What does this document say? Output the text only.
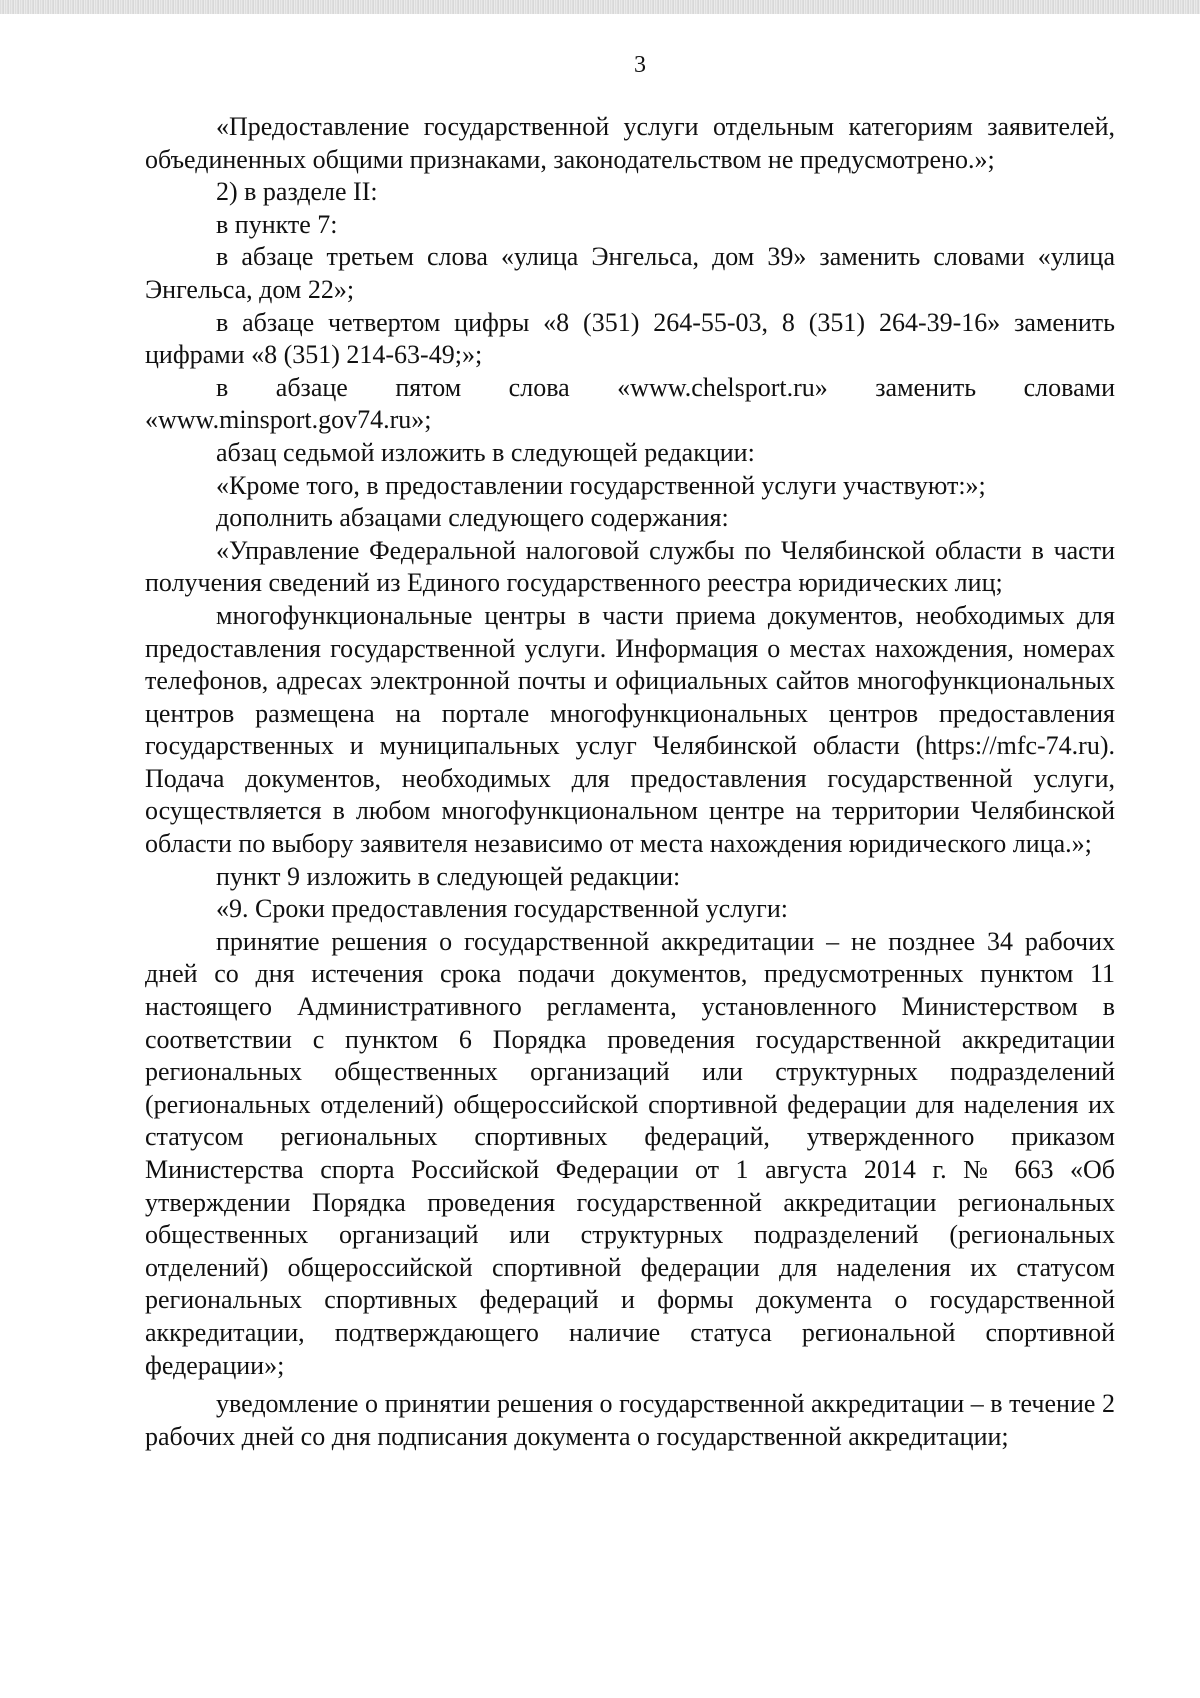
3

«Предоставление государственной услуги отдельным категориям заявителей, объединенных общими признаками, законодательством не предусмотрено.»;

2) в разделе II:

в пункте 7:

в абзаце третьем слова «улица Энгельса, дом 39» заменить словами «улица Энгельса, дом 22»;

в абзаце четвертом цифры «8 (351) 264-55-03, 8 (351) 264-39-16» заменить цифрами «8 (351) 214-63-49;»;

в абзаце пятом слова «www.chelsport.ru» заменить словами «www.minsport.gov74.ru»;

абзац седьмой изложить в следующей редакции:

«Кроме того, в предоставлении государственной услуги участвуют:»;

дополнить абзацами следующего содержания:

«Управление Федеральной налоговой службы по Челябинской области в части получения сведений из Единого государственного реестра юридических лиц;

многофункциональные центры в части приема документов, необходимых для предоставления государственной услуги. Информация о местах нахождения, номерах телефонов, адресах электронной почты и официальных сайтов многофункциональных центров размещена на портале многофункциональных центров предоставления государственных и муниципальных услуг Челябинской области (https://mfc-74.ru). Подача документов, необходимых для предоставления государственной услуги, осуществляется в любом многофункциональном центре на территории Челябинской области по выбору заявителя независимо от места нахождения юридического лица.»;

пункт 9 изложить в следующей редакции:

«9. Сроки предоставления государственной услуги:

принятие решения о государственной аккредитации – не позднее 34 рабочих дней со дня истечения срока подачи документов, предусмотренных пунктом 11 настоящего Административного регламента, установленного Министерством в соответствии с пунктом 6 Порядка проведения государственной аккредитации региональных общественных организаций или структурных подразделений (региональных отделений) общероссийской спортивной федерации для наделения их статусом региональных спортивных федераций, утвержденного приказом Министерства спорта Российской Федерации от 1 августа 2014 г. № 663 «Об утверждении Порядка проведения государственной аккредитации региональных общественных организаций или структурных подразделений (региональных отделений) общероссийской спортивной федерации для наделения их статусом региональных спортивных федераций и формы документа о государственной аккредитации, подтверждающего наличие статуса региональной спортивной федерации»;

уведомление о принятии решения о государственной аккредитации – в течение 2 рабочих дней со дня подписания документа о государственной аккредитации;
